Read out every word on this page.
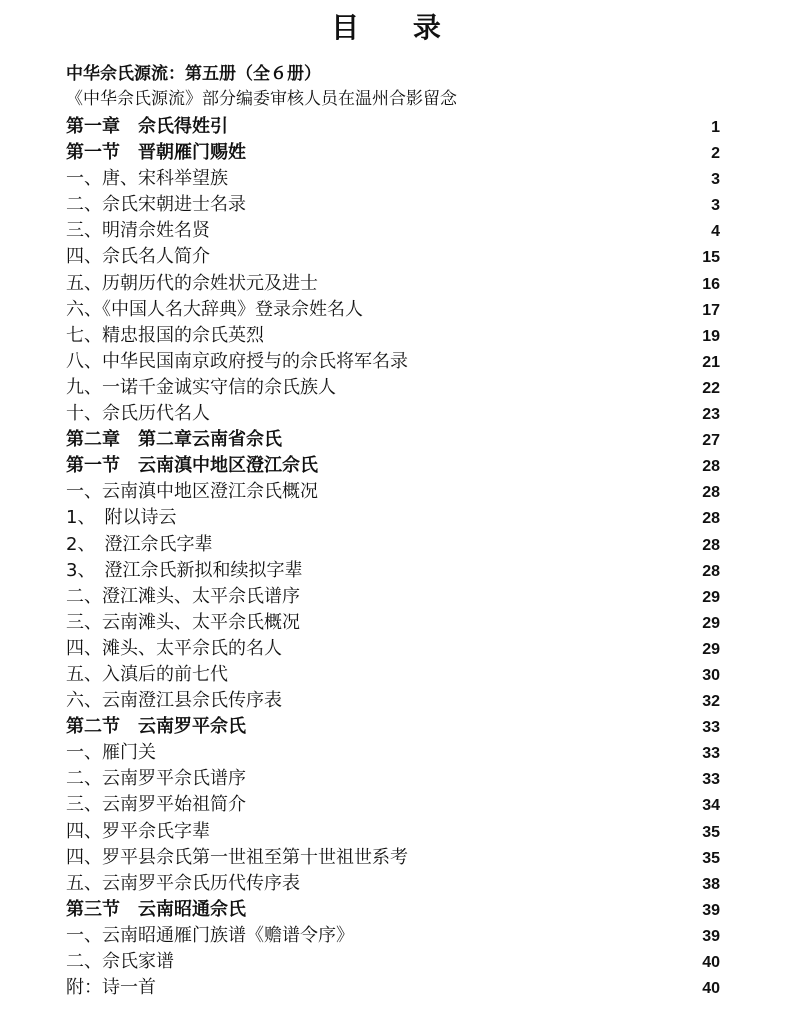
目 录
中华佘氏源流：第五册（全６册）
《中华佘氏源流》部分编委审核人员在温州合影留念
第一章　佘氏得姓引	1
第一节　晋朝雁门赐姓	2
一、唐、宋科举望族	3
二、佘氏宋朝进士名录	3
三、明清佘姓名贤	4
四、佘氏名人简介	15
五、历朝历代的佘姓状元及进士	16
六、《中国人名大辞典》登录佘姓名人	17
七、精忠报国的佘氏英烈	19
八、中华民国南京政府授与的佘氏将军名录	21
九、一诺千金诚实守信的佘氏族人	22
十、佘氏历代名人	23
第二章　第二章云南省佘氏	27
第一节　云南滇中地区澄江佘氏	28
一、云南滇中地区澄江佘氏概况	28
1、　附以诗云	28
2、　澄江佘氏字辈	28
3、　澄江佘氏新拟和续拟字辈	28
二、澄江滩头、太平佘氏谱序	29
三、云南滩头、太平佘氏概况	29
四、滩头、太平佘氏的名人	29
五、入滇后的前七代	30
六、云南澄江县佘氏传序表	32
第二节　云南罗平佘氏	33
一、雁门关	33
二、云南罗平佘氏谱序	33
三、云南罗平始祖简介	34
四、罗平佘氏字辈	35
四、罗平县佘氏第一世祖至第十世祖世系考	35
五、云南罗平佘氏历代传序表	38
第三节　云南昭通佘氏	39
一、云南昭通雁门族谱《赡谱令序》	39
二、佘氏家谱	40
附：诗一首	40
